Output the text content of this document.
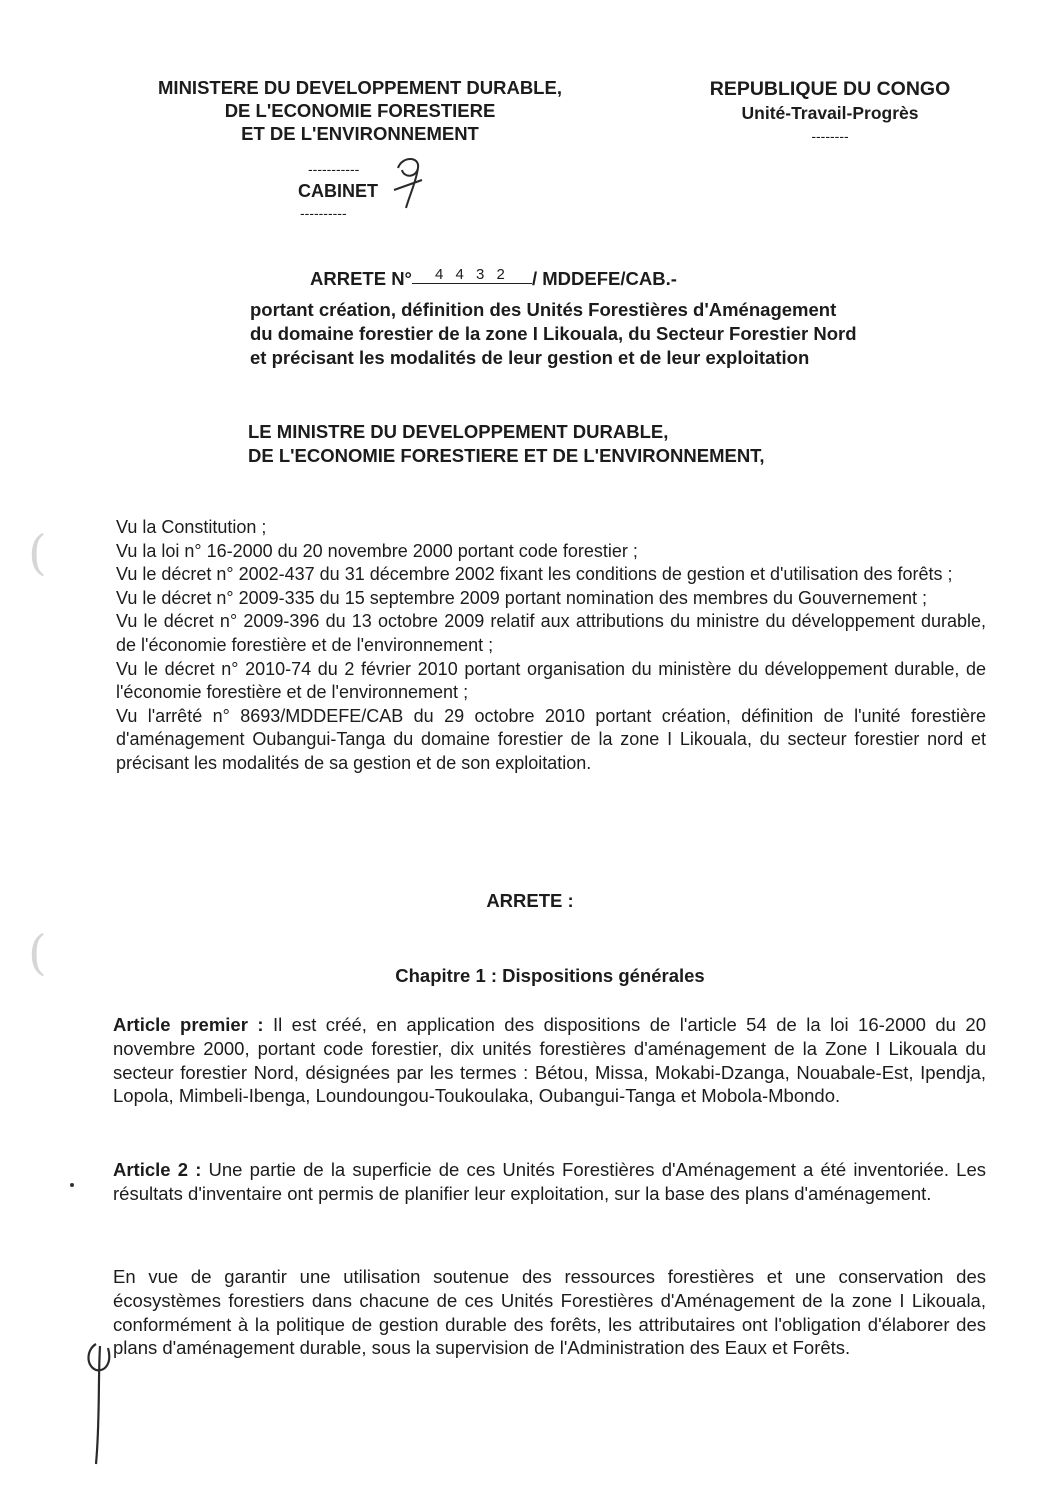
MINISTERE DU DEVELOPPEMENT DURABLE,
DE L'ECONOMIE FORESTIERE
ET DE L'ENVIRONNEMENT
-----------
CABINET
----------
REPUBLIQUE DU CONGO
Unité-Travail-Progrès
--------
ARRETE N° 4 4 3 2 / MDDEFE/CAB.-
portant création, définition des Unités Forestières d'Aménagement
du domaine forestier de la zone I Likouala, du Secteur Forestier Nord
et précisant les modalités de leur gestion et de leur exploitation
LE MINISTRE DU DEVELOPPEMENT DURABLE,
DE L'ECONOMIE FORESTIERE ET DE L'ENVIRONNEMENT,

Vu la Constitution ;

Vu la loi n° 16-2000 du 20 novembre 2000 portant code forestier ;

Vu le décret n° 2002-437 du 31 décembre 2002 fixant les conditions de gestion et d'utilisation des forêts ;

Vu le décret n° 2009-335 du 15 septembre 2009 portant nomination des membres du Gouvernement ;

Vu le décret n° 2009-396 du 13 octobre 2009 relatif aux attributions du ministre du développement durable, de l'économie forestière et de l'environnement ;

Vu le décret n° 2010-74 du 2 février 2010 portant organisation du ministère du développement durable, de l'économie forestière et de l'environnement ;

Vu l'arrêté n° 8693/MDDEFE/CAB du 29 octobre 2010 portant création, définition de l'unité forestière d'aménagement Oubangui-Tanga du domaine forestier de la zone I Likouala, du secteur forestier nord et précisant les modalités de sa gestion et de son exploitation.

ARRETE :
Chapitre 1 : Dispositions générales

Article premier : Il est créé, en application des dispositions de l'article 54 de la loi 16-2000 du 20 novembre 2000, portant code forestier, dix unités forestières d'aménagement de la Zone I Likouala du secteur forestier Nord, désignées par les termes : Bétou, Missa, Mokabi-Dzanga, Nouabale-Est, Ipendja, Lopola, Mimbeli-Ibenga, Loundoungou-Toukoulaka, Oubangui-Tanga et Mobola-Mbondo.

Article 2 : Une partie de la superficie de ces Unités Forestières d'Aménagement a été inventoriée. Les résultats d'inventaire ont permis de planifier leur exploitation, sur la base des plans d'aménagement.

En vue de garantir une utilisation soutenue des ressources forestières et une conservation des écosystèmes forestiers dans chacune de ces Unités Forestières d'Aménagement de la zone I Likouala, conformément à la politique de gestion durable des forêts, les attributaires ont l'obligation d'élaborer des plans d'aménagement durable, sous la supervision de l'Administration des Eaux et Forêts.

(
(
